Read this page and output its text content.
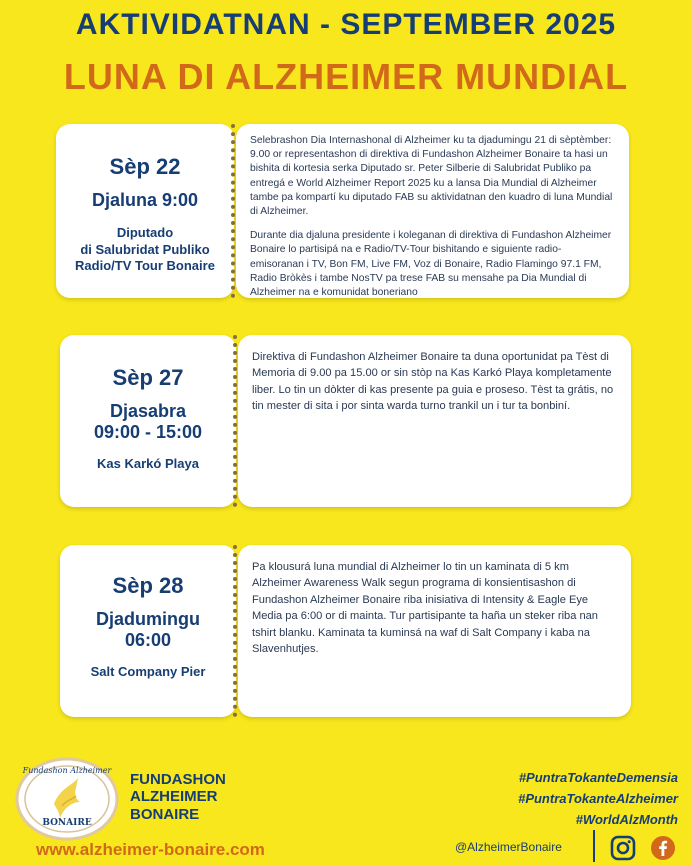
AKTIVIDATNAN - SEPTEMBER 2025
LUNA DI ALZHEIMER MUNDIAL
Sèp 22
Djaluna 9:00
Diputado
di Salubridat Publiko
Radio/TV Tour Bonaire

Selebrashon Dia Internashonal di Alzheimer ku ta djadumingu 21 di sèptèmber: 9.00 or representashon di direktiva di Fundashon Alzheimer Bonaire ta hasi un bishita di kortesia serka Diputado sr. Peter Silberie di Salubridat Publiko pa entregá e World Alzheimer Report 2025 ku a lansa Dia Mundial di Alzheimer tambe pa kompartí ku diputado FAB su aktividatnan den kuadro di luna Mundial di Alzheimer.

Durante dia djaluna presidente i koleganan di direktiva di Fundashon Alzheimer Bonaire lo partisipá na e Radio/TV-Tour bishitando e siguiente radio-emisoranan i TV, Bon FM, Live FM, Voz di Bonaire, Radio Flamingo 97.1 FM, Radio Bròkès i tambe NosTV pa trese FAB su mensahe pa Dia Mundial di Alzheimer na e komunidat boneriano

Sèp 27
Djasabra
09:00 - 15:00
Kas Karkó Playa

Direktiva di Fundashon Alzheimer Bonaire ta duna oportunidat pa Tèst di Memoria di 9.00 pa 15.00 or sin stòp na Kas Karkó Playa kompletamente liber. Lo tin un dòkter di kas presente pa guia e proseso. Tèst ta grátis, no tin mester di sita i por sinta warda turno trankil un i tur ta bonbiní.

Sèp 28
Djadumingu
06:00
Salt Company Pier

Pa klousurá luna mundial di Alzheimer lo tin un kaminata di 5 km Alzheimer Awareness Walk segun programa di konsientisashon di Fundashon Alzheimer Bonaire riba inisiativa di Intensity & Eagle Eye Media pa 6:00 or di mainta. Tur partisipante ta haña un steker riba nan tshirt blanku. Kaminata ta kuminsá na waf di Salt Company i kaba na Slavenhutjes.

Fundashon Alzheimer
BONAIRE
FUNDASHON
ALZHEIMER
BONAIRE
www.alzheimer-bonaire.com
#PuntraTokanteDemensia
#PuntraTokanteAlzheimer
#WorldAlzMonth
@AlzheimerBonaire
